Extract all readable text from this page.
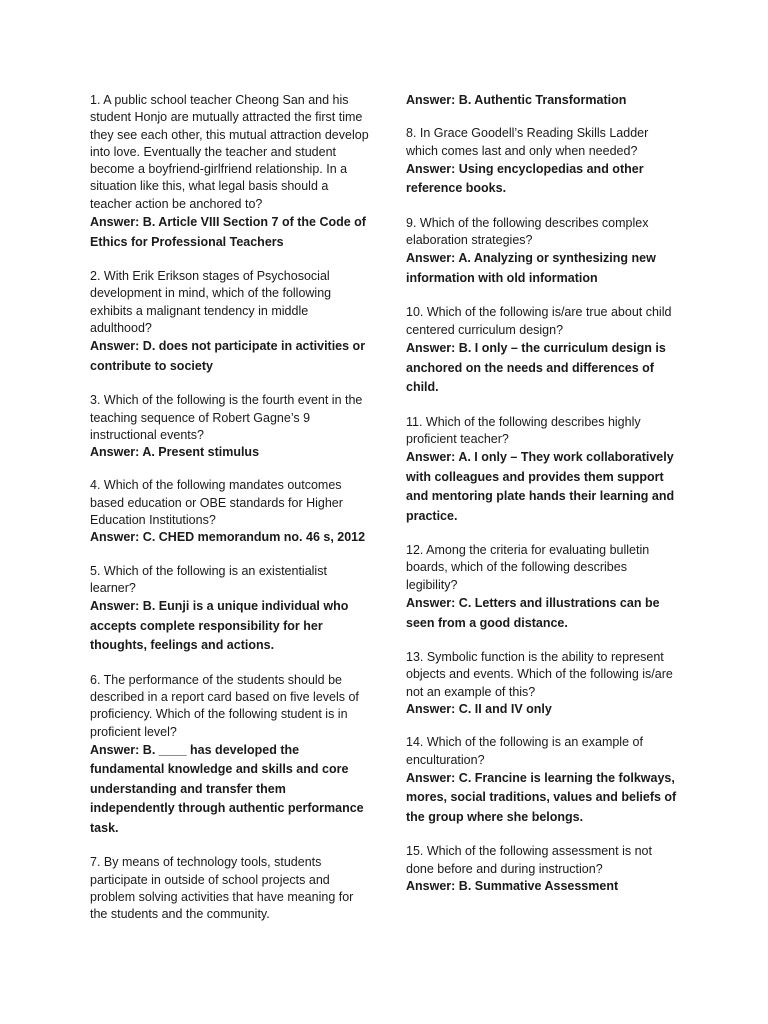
1. A public school teacher Cheong San and his student Honjo are mutually attracted the first time they see each other, this mutual attraction develop into love. Eventually the teacher and student become a boyfriend-girlfriend relationship. In a situation like this, what legal basis should a teacher action be anchored to?

Answer: B. Article VIII Section 7 of the Code of Ethics for Professional Teachers

2. With Erik Erikson stages of Psychosocial development in mind, which of the following exhibits a malignant tendency in middle adulthood?

Answer: D. does not participate in activities or contribute to society

3. Which of the following is the fourth event in the teaching sequence of Robert Gagne’s 9 instructional events?

Answer: A. Present stimulus

4. Which of the following mandates outcomes based education or OBE standards for Higher Education Institutions?

Answer: C. CHED memorandum no. 46 s, 2012

5. Which of the following is an existentialist learner?

Answer: B. Eunji is a unique individual who accepts complete responsibility for her thoughts, feelings and actions.

6. The performance of the students should be described in a report card based on five levels of proficiency. Which of the following student is in proficient level?

Answer: B. ____ has developed the fundamental knowledge and skills and core understanding and transfer them independently through authentic performance task.

7. By means of technology tools, students participate in outside of school projects and problem solving activities that have meaning for the students and the community.

Answer: B. Authentic Transformation

8. In Grace Goodell’s Reading Skills Ladder which comes last and only when needed?

Answer: Using encyclopedias and other reference books.

9. Which of the following describes complex elaboration strategies?

Answer: A. Analyzing or synthesizing new information with old information

10. Which of the following is/are true about child centered curriculum design?

Answer: B. I only – the curriculum design is anchored on the needs and differences of child.

11. Which of the following describes highly proficient teacher?

Answer: A. I only – They work collaboratively with colleagues and provides them support and mentoring plate hands their learning and practice.

12. Among the criteria for evaluating bulletin boards, which of the following describes legibility?

Answer: C. Letters and illustrations can be seen from a good distance.

13. Symbolic function is the ability to represent objects and events. Which of the following is/are not an example of this?

Answer: C. II and IV only

14. Which of the following is an example of enculturation?

Answer: C. Francine is learning the folkways, mores, social traditions, values and beliefs of the group where she belongs.

15. Which of the following assessment is not done before and during instruction?

Answer: B. Summative Assessment
